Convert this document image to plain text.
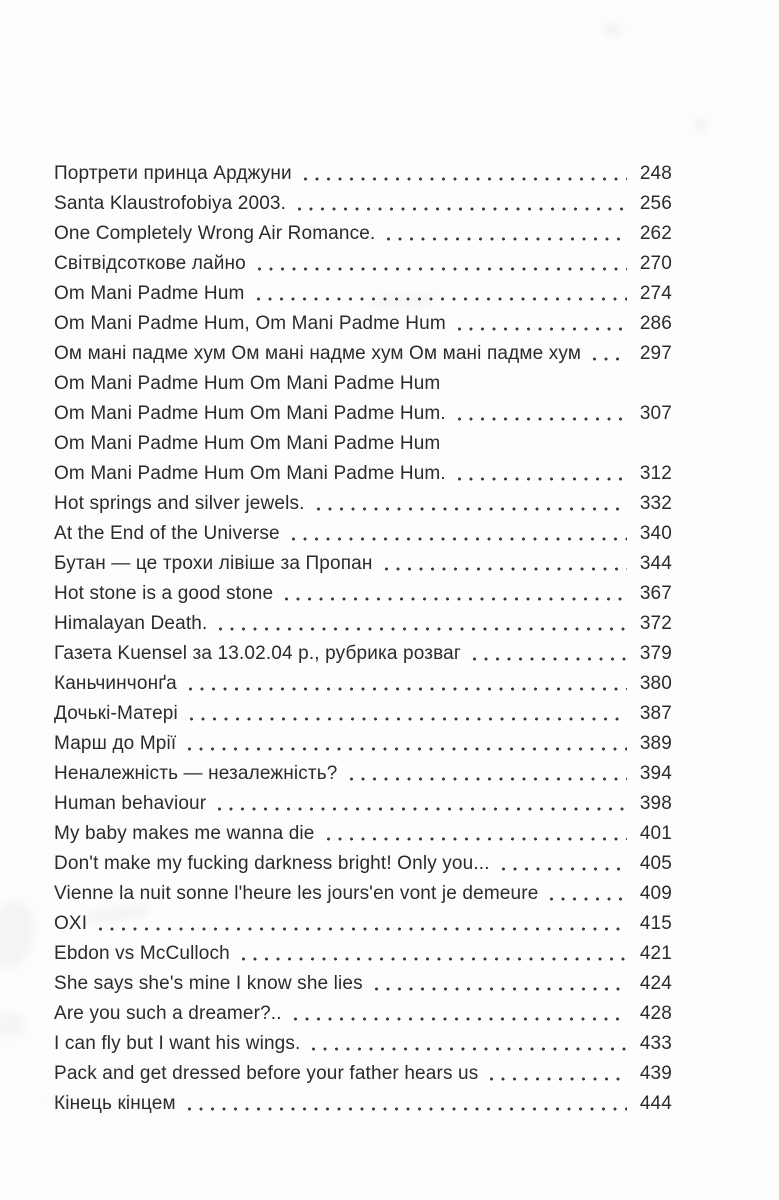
Портрети принца Арджуни	248
Santa Klaustrofobiya 2003.	256
One Completely Wrong Air Romance.	262
Світвідсоткове лайно	270
Om Mani Padme Hum	274
Om Mani Padme Hum, Om Mani Padme Hum	286
Ом мані падме хум Ом мані надме хум Ом мані падме хум	297
Om Mani Padme Hum Om Mani Padme Hum
Om Mani Padme Hum Om Mani Padme Hum.	307
Om Mani Padme Hum Om Mani Padme Hum
Om Mani Padme Hum Om Mani Padme Hum.	312
Hot springs and silver jewels.	332
At the End of the Universe	340
Бутан — це трохи лівіше за Пропан	344
Hot stone is a good stone	367
Himalayan Death.	372
Газета Kuensel за 13.02.04 р., рубрика розваг	379
Каньчинчонґа	380
Дочькі-Матері	387
Марш до Мрії	389
Неналежність — незалежність?	394
Human behaviour	398
My baby makes me wanna die	401
Don't make my fucking darkness bright! Only you...	405
Vienne la nuit sonne l'heure les jours'en vont je demeure	409
OXI	415
Ebdon vs McCulloch	421
She says she's mine I know she lies	424
Are you such a dreamer?..	428
I can fly but I want his wings.	433
Pack and get dressed before your father hears us	439
Кінець кінцем	444
